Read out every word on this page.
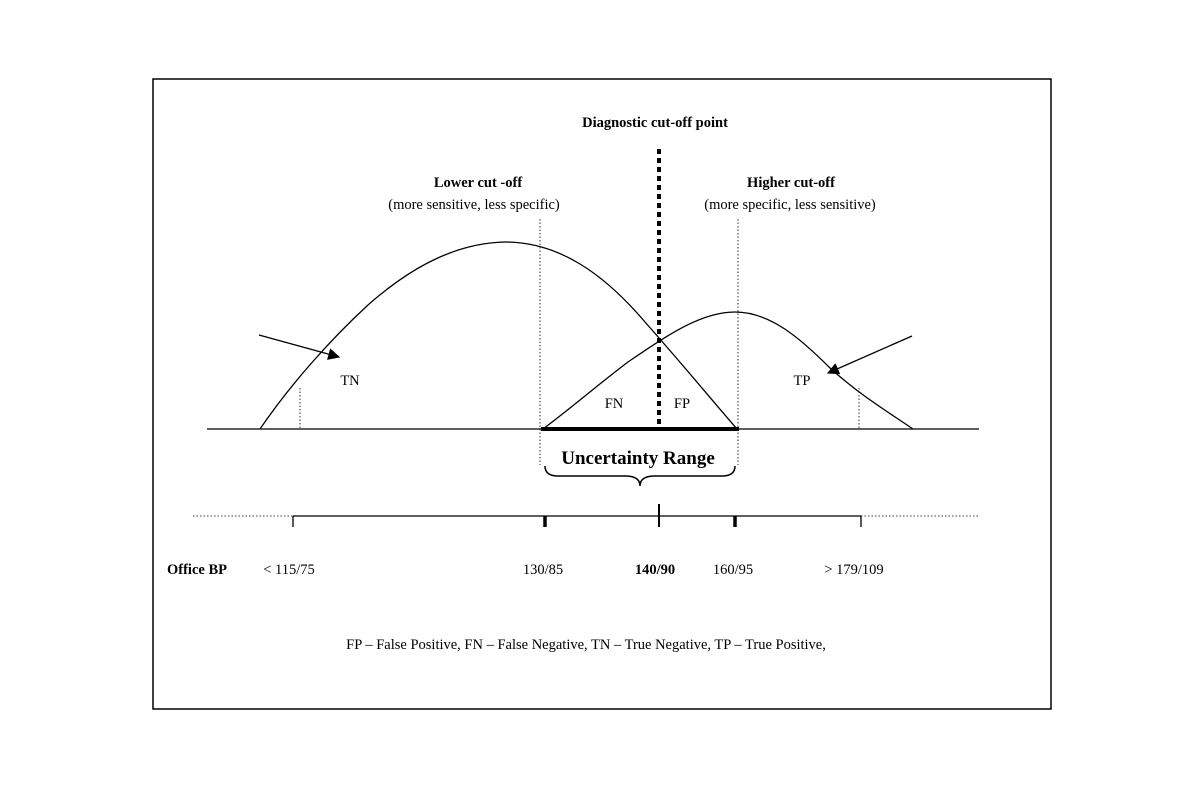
Diagnostic cut-off point
Lower cut -off
(more sensitive, less specific)
Higher cut-off
(more specific, less sensitive)
TN	TP
FN	FP
Uncertainty Range
Office BP < 115/75	130/85	140/90	160/95	> 179/109
FP – False Positive, FN – False Negative, TN – True Negative, TP – True Positive,
